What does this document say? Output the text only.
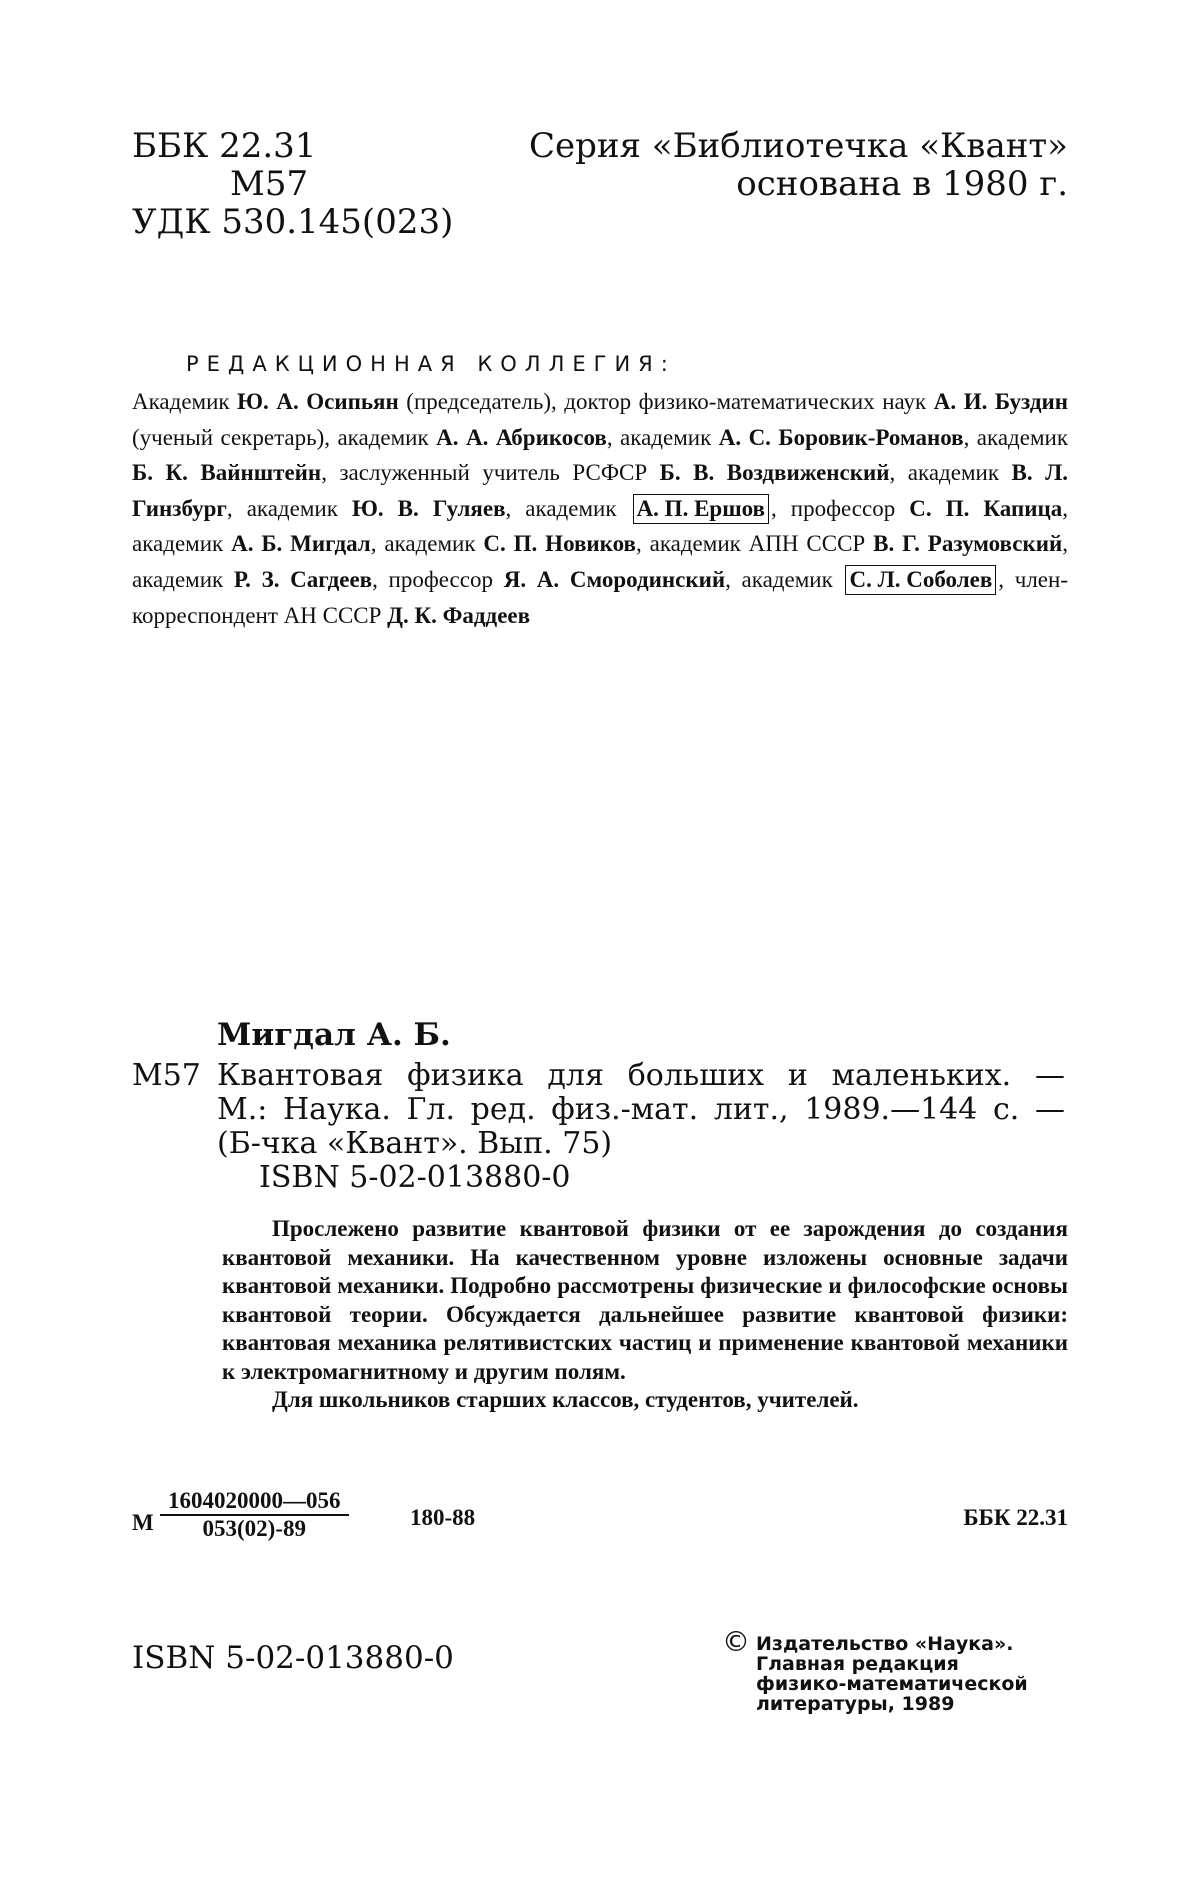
ББК 22.31
М57
УДК 530.145(023)
Серия «Библиотечка «Квант»
основана в 1980 г.
РЕДАКЦИОННАЯ КОЛЛЕГИЯ:
Академик Ю. А. Осипьян (председатель), доктор физико-математических наук А. И. Буздин (ученый секретарь), академик А. А. Абрикосов, академик А. С. Боровик-Романов, академик Б. К. Вайнштейн, заслуженный учитель РСФСР Б. В. Воздвиженский, академик В. Л. Гинзбург, академик Ю. В. Гуляев, академик А. П. Ершов , профессор С. П. Капица, академик А. Б. Мигдал, академик С. П. Новиков, академик АПН СССР В. Г. Разумовский, академик Р. З. Сагдеев, профессор Я. А. Смородинский, академик С. Л. Соболев , член-корреспондент АН СССР Д. К. Фаддеев
Мигдал А. Б.
М57 Квантовая физика для больших и маленьких. —
М.: Наука. Гл. ред. физ.-мат. лит., 1989.—144 с. —
(Б-чка «Квант». Вып. 75)
ISBN 5-02-013880-0

Прослежено развитие квантовой физики от ее зарождения до создания квантовой механики. На качественном уровне изложены основные задачи квантовой механики. Подробно рассмотрены физические и философские основы квантовой теории. Обсуждается дальнейшее развитие квантовой физики: квантовая механика релятивистских частиц и применение квантовой механики к электромагнитному и другим полям.

Для школьников старших классов, студентов, учителей.

М $\frac{1604020000—056}{053(02)-89}$	180-88	ББК 22.31
ISBN 5-02-013880-0	© Издательство «Наука».
Главная редакция
физико-математической
литературы, 1989
